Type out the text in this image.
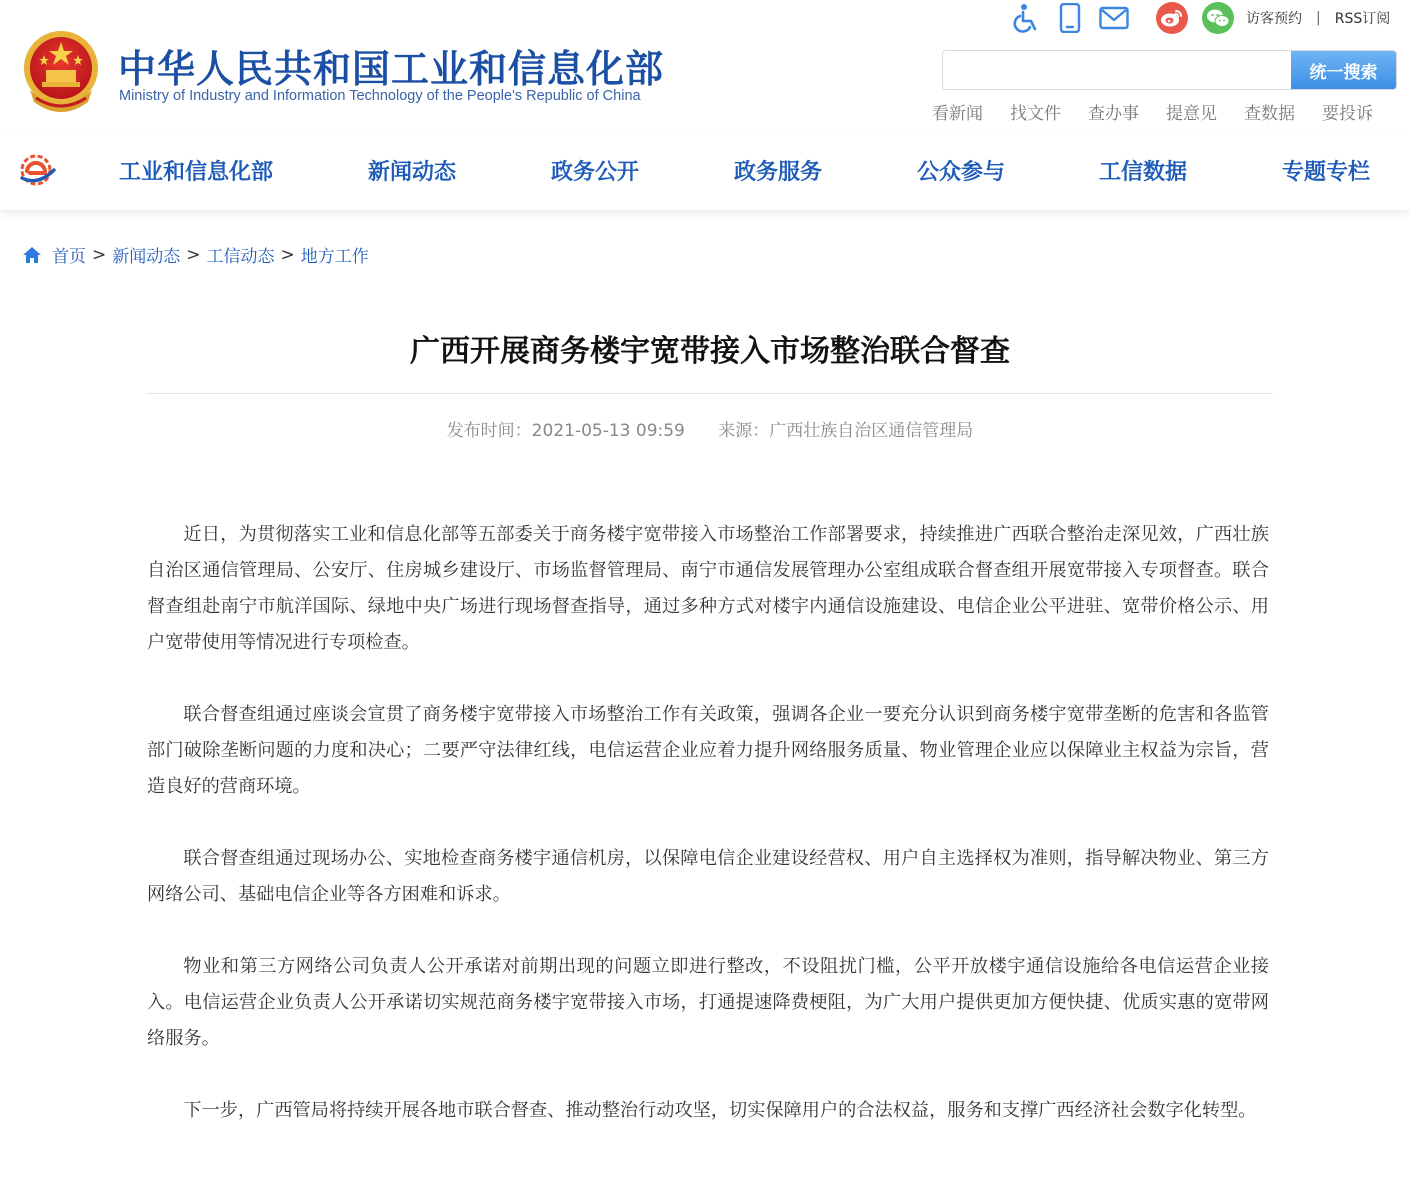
中华人民共和国工业和信息化部
Ministry of Industry and Information Technology of the People's Republic of China
访客预约 | RSS订阅
统一搜索
看新闻 找文件 查办事 提意见 查数据 要投诉
工业和信息化部	新闻动态	政务公开	政务服务	公众参与	工信数据	专题专栏
首页 > 新闻动态 > 工信动态 > 地方工作
广西开展商务楼宇宽带接入市场整治联合督查
发布时间：2021-05-13 09:59 来源：广西壮族自治区通信管理局

近日，为贯彻落实工业和信息化部等五部委关于商务楼宇宽带接入市场整治工作部署要求，持续推进广西联合整治走深见效，广西壮族自治区通信管理局、公安厅、住房城乡建设厅、市场监督管理局、南宁市通信发展管理办公室组成联合督查组开展宽带接入专项督查。联合督查组赴南宁市航洋国际、绿地中央广场进行现场督查指导，通过多种方式对楼宇内通信设施建设、电信企业公平进驻、宽带价格公示、用户宽带使用等情况进行专项检查。

联合督查组通过座谈会宣贯了商务楼宇宽带接入市场整治工作有关政策，强调各企业一要充分认识到商务楼宇宽带垄断的危害和各监管部门破除垄断问题的力度和决心；二要严守法律红线，电信运营企业应着力提升网络服务质量、物业管理企业应以保障业主权益为宗旨，营造良好的营商环境。

联合督查组通过现场办公、实地检查商务楼宇通信机房，以保障电信企业建设经营权、用户自主选择权为准则，指导解决物业、第三方网络公司、基础电信企业等各方困难和诉求。

物业和第三方网络公司负责人公开承诺对前期出现的问题立即进行整改，不设阻扰门槛，公平开放楼宇通信设施给各电信运营企业接入。电信运营企业负责人公开承诺切实规范商务楼宇宽带接入市场，打通提速降费梗阻，为广大用户提供更加方便快捷、优质实惠的宽带网络服务。

下一步，广西管局将持续开展各地市联合督查、推动整治行动攻坚，切实保障用户的合法权益，服务和支撑广西经济社会数字化转型。
